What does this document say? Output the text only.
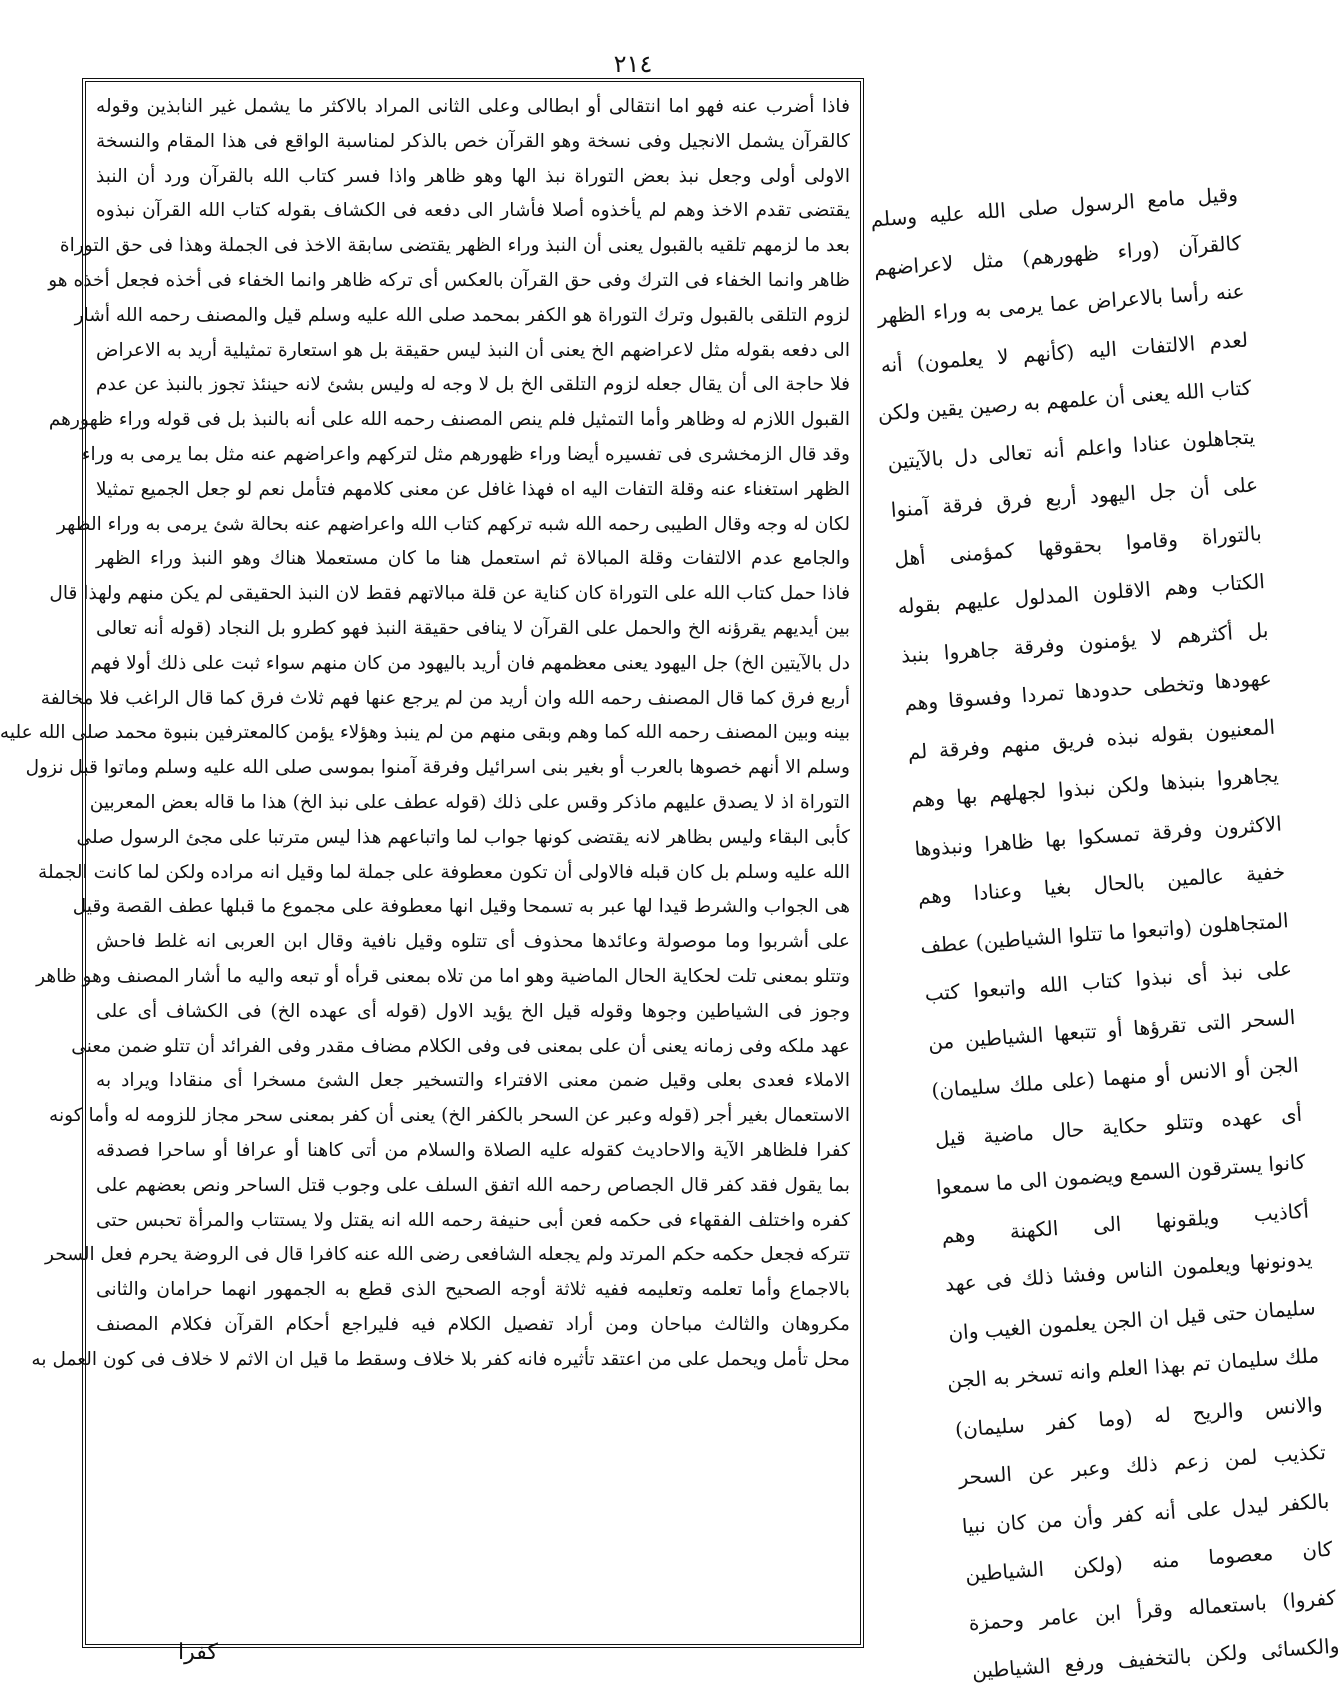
٢١٤
فاذا أضرب عنه فهو اما انتقالى أو ابطالى وعلى الثانى المراد بالاكثر ما يشمل غير النابذين وقوله
كالقرآن يشمل الانجيل وفى نسخة وهو القرآن خص بالذكر لمناسبة الواقع فى هذا المقام والنسخة
الاولى أولى وجعل نبذ بعض التوراة نبذ الها وهو ظاهر واذا فسر كتاب الله بالقرآن ورد أن النبذ
يقتضى تقدم الاخذ وهم لم يأخذوه أصلا فأشار الى دفعه فى الكشاف بقوله كتاب الله القرآن نبذوه
بعد ما لزمهم تلقيه بالقبول يعنى أن النبذ وراء الظهر يقتضى سابقة الاخذ فى الجملة وهذا فى حق التوراة
ظاهر وانما الخفاء فى الترك وفى حق القرآن بالعكس أى تركه ظاهر وانما الخفاء فى أخذه فجعل أخذه هو
لزوم التلقى بالقبول وترك التوراة هو الكفر بمحمد صلى الله عليه وسلم قيل والمصنف رحمه الله أشار
الى دفعه بقوله مثل لاعراضهم الخ يعنى أن النبذ ليس حقيقة بل هو استعارة تمثيلية أريد به الاعراض
فلا حاجة الى أن يقال جعله لزوم التلقى الخ بل لا وجه له وليس بشئ لانه حينئذ تجوز بالنبذ عن عدم
القبول اللازم له وظاهر وأما التمثيل فلم ينص المصنف رحمه الله على أنه بالنبذ بل فى قوله وراء ظهورهم
وقد قال الزمخشرى فى تفسيره أيضا وراء ظهورهم مثل لتركهم واعراضهم عنه مثل بما يرمى به وراء
الظهر استغناء عنه وقلة التفات اليه اه فهذا غافل عن معنى كلامهم فتأمل نعم لو جعل الجميع تمثيلا
لكان له وجه وقال الطيبى رحمه الله شبه تركهم كتاب الله واعراضهم عنه بحالة شئ يرمى به وراء الظهر
والجامع عدم الالتفات وقلة المبالاة ثم استعمل هنا ما كان مستعملا هناك وهو النبذ وراء الظهر
فاذا حمل كتاب الله على التوراة كان كناية عن قلة مبالاتهم فقط لان النبذ الحقيقى لم يكن منهم ولهذا قال
بين أيديهم يقرؤنه الخ والحمل على القرآن لا ينافى حقيقة النبذ فهو كطرو بل النجاد (قوله أنه تعالى
دل بالآيتين الخ) جل اليهود يعنى معظمهم فان أريد باليهود من كان منهم سواء ثبت على ذلك أولا فهم
أربع فرق كما قال المصنف رحمه الله وان أريد من لم يرجع عنها فهم ثلاث فرق كما قال الراغب فلا مخالفة
بينه وبين المصنف رحمه الله كما وهم وبقى منهم من لم ينبذ وهؤلاء يؤمن كالمعترفين بنبوة محمد صلى الله عليه
وسلم الا أنهم خصوها بالعرب أو بغير بنى اسرائيل وفرقة آمنوا بموسى صلى الله عليه وسلم وماتوا قبل نزول
التوراة اذ لا يصدق عليهم ماذكر وقس على ذلك (قوله عطف على نبذ الخ) هذا ما قاله بعض المعربين
كأبى البقاء وليس بظاهر لانه يقتضى كونها جواب لما واتباعهم هذا ليس مترتبا على مجئ الرسول صلى
الله عليه وسلم بل كان قبله فالاولى أن تكون معطوفة على جملة لما وقيل انه مراده ولكن لما كانت الجملة
هى الجواب والشرط قيدا لها عبر به تسمحا وقيل انها معطوفة على مجموع ما قبلها عطف القصة وقيل
على أشربوا وما موصولة وعائدها محذوف أى تتلوه وقيل نافية وقال ابن العربى انه غلط فاحش
وتتلو بمعنى تلت لحكاية الحال الماضية وهو اما من تلاه بمعنى قرأه أو تبعه واليه ما أشار المصنف وهو ظاهر
وجوز فى الشياطين وجوها وقوله قيل الخ يؤيد الاول (قوله أى عهده الخ) فى الكشاف أى على
عهد ملكه وفى زمانه يعنى أن على بمعنى فى وفى الكلام مضاف مقدر وفى الفرائد أن تتلو ضمن معنى
الاملاء فعدى بعلى وقيل ضمن معنى الافتراء والتسخير جعل الشئ مسخرا أى منقادا ويراد به
الاستعمال بغير أجر (قوله وعبر عن السحر بالكفر الخ) يعنى أن كفر بمعنى سحر مجاز للزومه له وأما كونه
كفرا فلظاهر الآية والاحاديث كقوله عليه الصلاة والسلام من أتى كاهنا أو عرافا أو ساحرا فصدقه
بما يقول فقد كفر قال الجصاص رحمه الله اتفق السلف على وجوب قتل الساحر ونص بعضهم على
كفره واختلف الفقهاء فى حكمه فعن أبى حنيفة رحمه الله انه يقتل ولا يستتاب والمرأة تحبس حتى
تتركه فجعل حكمه حكم المرتد ولم يجعله الشافعى رضى الله عنه كافرا قال فى الروضة يحرم فعل السحر
بالاجماع وأما تعلمه وتعليمه ففيه ثلاثة أوجه الصحيح الذى قطع به الجمهور انهما حرامان والثانى
مكروهان والثالث مباحان ومن أراد تفصيل الكلام فيه فليراجع أحكام القرآن فكلام المصنف
محل تأمل ويحمل على من اعتقد تأثيره فانه كفر بلا خلاف وسقط ما قيل ان الاثم لا خلاف فى كون العمل به
وقيل مامع الرسول صلى الله عليه وسلم
كالقرآن (وراء ظهورهم) مثل لاعراضهم
عنه رأسا بالاعراض عما يرمى به وراء الظهر
لعدم الالتفات اليه (كأنهم لا يعلمون) أنه
كتاب الله يعنى أن علمهم به رصين يقين ولكن
يتجاهلون عنادا واعلم أنه تعالى دل بالآيتين
على أن جل اليهود أربع فرق فرقة آمنوا
بالتوراة وقاموا بحقوقها كمؤمنى أهل
الكتاب وهم الاقلون المدلول عليهم بقوله
بل أكثرهم لا يؤمنون وفرقة جاهروا بنبذ
عهودها وتخطى حدودها تمردا وفسوقا وهم
المعنيون بقوله نبذه فريق منهم وفرقة لم
يجاهروا بنبذها ولكن نبذوا لجهلهم بها وهم
الاكثرون وفرقة تمسكوا بها ظاهرا ونبذوها
خفية عالمين بالحال بغيا وعنادا وهم
المتجاهلون (واتبعوا ما تتلوا الشياطين) عطف
على نبذ أى نبذوا كتاب الله واتبعوا كتب
السحر التى تقرؤها أو تتبعها الشياطين من
الجن أو الانس أو منهما (على ملك سليمان)
أى عهده وتتلو حكاية حال ماضية قيل
كانوا يسترقون السمع ويضمون الى ما سمعوا
أكاذيب ويلقونها الى الكهنة وهم
يدونونها ويعلمون الناس وفشا ذلك فى عهد
سليمان حتى قيل ان الجن يعلمون الغيب وان
ملك سليمان تم بهذا العلم وانه تسخر به الجن
والانس والريح له (وما كفر سليمان)
تكذيب لمن زعم ذلك وعبر عن السحر
بالكفر ليدل على أنه كفر وأن من كان نبيا
كان معصوما منه (ولكن الشياطين
كفروا) باستعماله وقرأ ابن عامر وحمزة
والكسائى ولكن بالتخفيف ورفع الشياطين
كفرا
